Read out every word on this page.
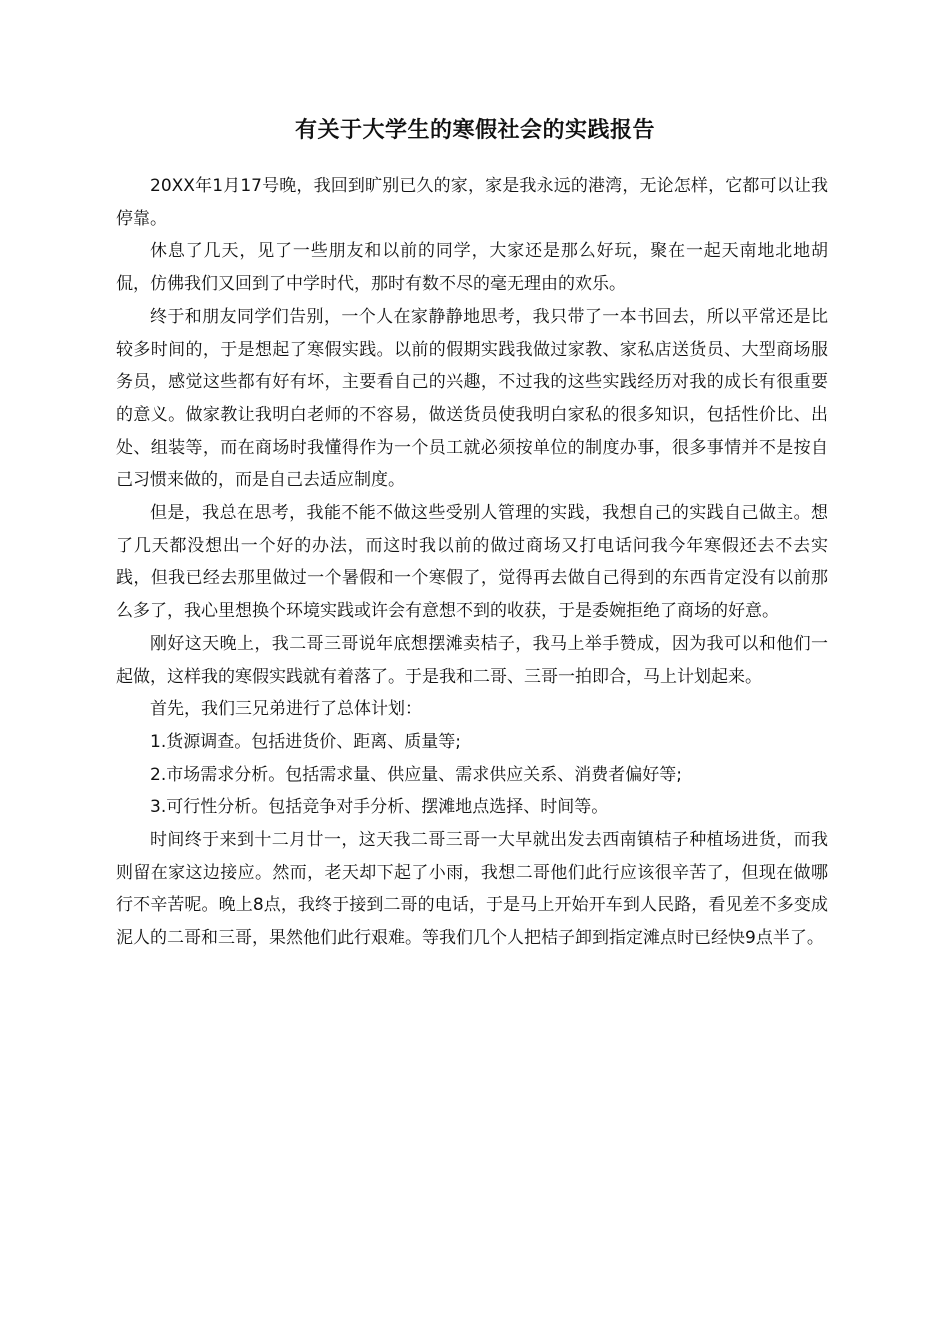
有关于大学生的寒假社会的实践报告

20XX年1月17号晚，我回到旷别已久的家，家是我永远的港湾，无论怎样，它都可以让我停靠。

休息了几天，见了一些朋友和以前的同学，大家还是那么好玩，聚在一起天南地北地胡侃，仿佛我们又回到了中学时代，那时有数不尽的毫无理由的欢乐。

终于和朋友同学们告别，一个人在家静静地思考，我只带了一本书回去，所以平常还是比较多时间的，于是想起了寒假实践。以前的假期实践我做过家教、家私店送货员、大型商场服务员，感觉这些都有好有坏，主要看自己的兴趣，不过我的这些实践经历对我的成长有很重要的意义。做家教让我明白老师的不容易，做送货员使我明白家私的很多知识，包括性价比、出处、组装等，而在商场时我懂得作为一个员工就必须按单位的制度办事，很多事情并不是按自己习惯来做的，而是自己去适应制度。

但是，我总在思考，我能不能不做这些受别人管理的实践，我想自己的实践自己做主。想了几天都没想出一个好的办法，而这时我以前的做过商场又打电话问我今年寒假还去不去实践，但我已经去那里做过一个暑假和一个寒假了，觉得再去做自己得到的东西肯定没有以前那么多了，我心里想换个环境实践或许会有意想不到的收获，于是委婉拒绝了商场的好意。

刚好这天晚上，我二哥三哥说年底想摆滩卖桔子，我马上举手赞成，因为我可以和他们一起做，这样我的寒假实践就有着落了。于是我和二哥、三哥一拍即合，马上计划起来。

首先，我们三兄弟进行了总体计划：

1.货源调查。包括进货价、距离、质量等;

2.市场需求分析。包括需求量、供应量、需求供应关系、消费者偏好等;

3.可行性分析。包括竞争对手分析、摆滩地点选择、时间等。

时间终于来到十二月廿一，这天我二哥三哥一大早就出发去西南镇桔子种植场进货，而我则留在家这边接应。然而，老天却下起了小雨，我想二哥他们此行应该很辛苦了，但现在做哪行不辛苦呢。晚上8点，我终于接到二哥的电话，于是马上开始开车到人民路，看见差不多变成泥人的二哥和三哥，果然他们此行艰难。等我们几个人把桔子卸到指定滩点时已经快9点半了。
